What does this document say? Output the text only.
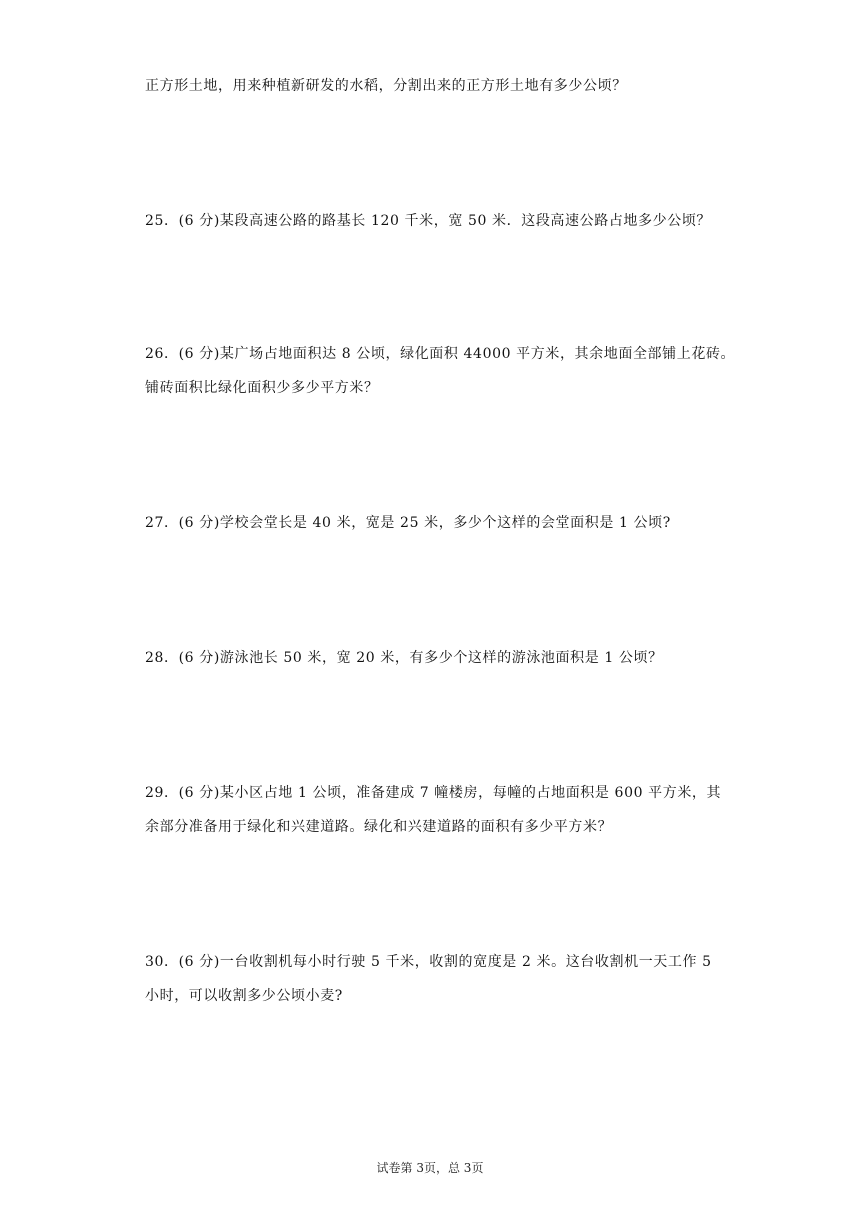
正方形土地，用来种植新研发的水稻，分割出来的正方形土地有多少公顷？
25．(6 分)某段高速公路的路基长 120 千米，宽 50 米．这段高速公路占地多少公顷？
26．(6 分)某广场占地面积达 8 公顷，绿化面积 44000 平方米，其余地面全部铺上花砖。
铺砖面积比绿化面积少多少平方米？
27．(6 分)学校会堂长是 40 米，宽是 25 米，多少个这样的会堂面积是 1 公顷?
28．(6 分)游泳池长 50 米，宽 20 米，有多少个这样的游泳池面积是 1 公顷？
29．(6 分)某小区占地 1 公顷，准备建成 7 幢楼房，每幢的占地面积是 600 平方米，其
余部分准备用于绿化和兴建道路。绿化和兴建道路的面积有多少平方米？
30．(6 分)一台收割机每小时行驶 5 千米，收割的宽度是 2 米。这台收割机一天工作 5
小时，可以收割多少公顷小麦?
试卷第 3页，总 3页
